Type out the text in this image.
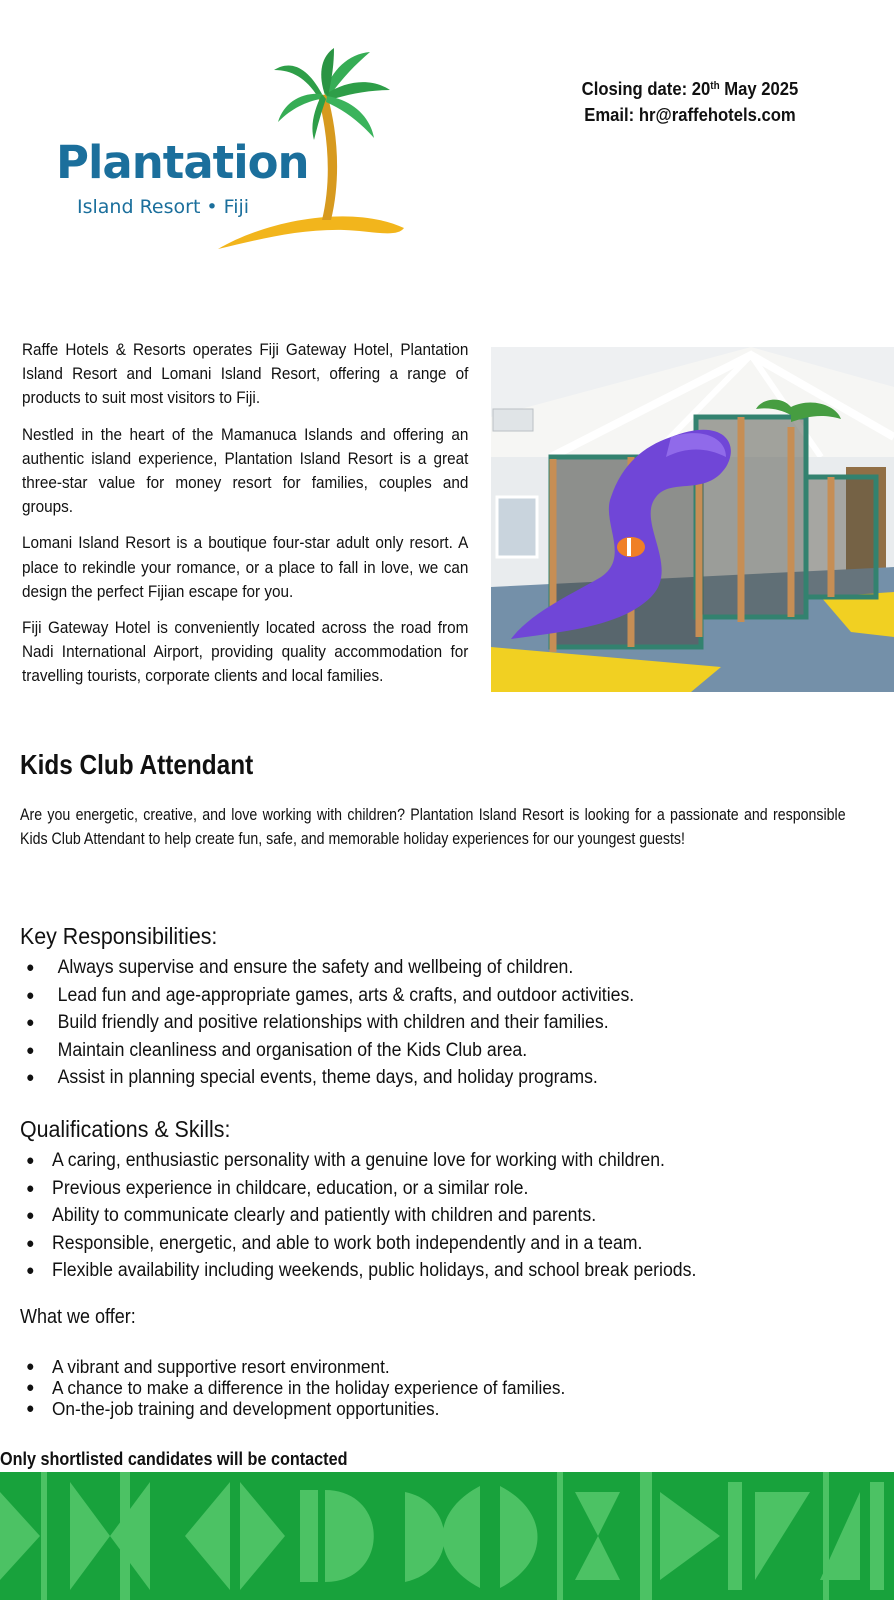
Plantation
Island Resort • Fiji
Closing date: 20th May 2025
Email: hr@raffehotels.com

Raffe Hotels & Resorts operates Fiji Gateway Hotel, Plantation Island Resort and Lomani Island Resort, offering a range of products to suit most visitors to Fiji.

Nestled in the heart of the Mamanuca Islands and offering an authentic island experience, Plantation Island Resort is a great three-star value for money resort for families, couples and groups.

Lomani Island Resort is a boutique four-star adult only resort. A place to rekindle your romance, or a place to fall in love, we can design the perfect Fijian escape for you.

Fiji Gateway Hotel is conveniently located across the road from Nadi International Airport, providing quality accommodation for travelling tourists, corporate clients and local families.

Kids Club Attendant
Are you energetic, creative, and love working with children? Plantation Island Resort is looking for a passionate and responsible Kids Club Attendant to help create fun, safe, and memorable holiday experiences for our youngest guests!
Key Responsibilities:
● Always supervise and ensure the safety and wellbeing of children.
● Lead fun and age-appropriate games, arts & crafts, and outdoor activities.
● Build friendly and positive relationships with children and their families.
● Maintain cleanliness and organisation of the Kids Club area.
● Assist in planning special events, theme days, and holiday programs.
Qualifications & Skills:
● A caring, enthusiastic personality with a genuine love for working with children.
● Previous experience in childcare, education, or a similar role.
● Ability to communicate clearly and patiently with children and parents.
● Responsible, energetic, and able to work both independently and in a team.
● Flexible availability including weekends, public holidays, and school break periods.
What we offer:
● A vibrant and supportive resort environment.
● A chance to make a difference in the holiday experience of families.
● On-the-job training and development opportunities.
Only shortlisted candidates will be contacted
